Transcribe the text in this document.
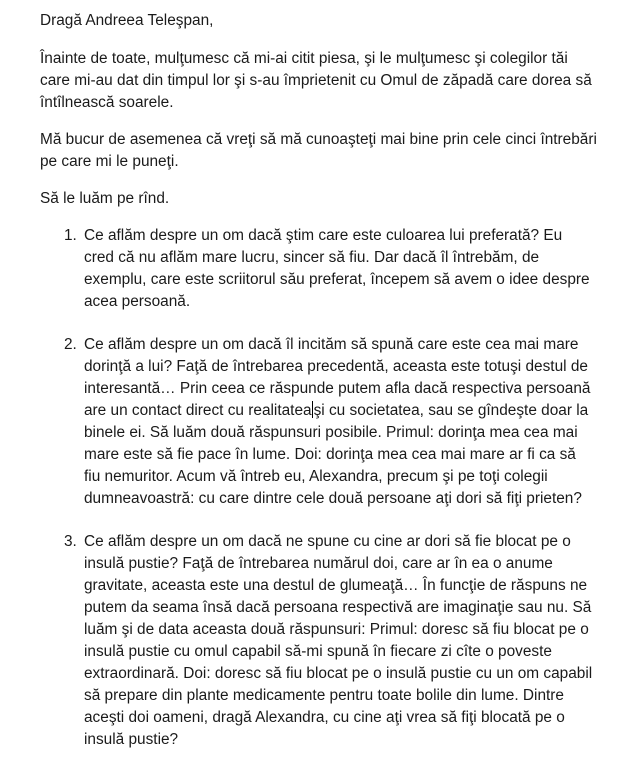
Dragă Andreea Teleşpan,

Înainte de toate, mulţumesc că mi-ai citit piesa, şi le mulţumesc şi colegilor tăi care mi-au dat din timpul lor şi s-au împrietenit cu Omul de zăpadă care dorea să întîlnească soarele.

Mă bucur de asemenea că vreţi să mă cunoaşteţi mai bine prin cele cinci întrebări pe care mi le puneţi.

Să le luăm pe rînd.

1. Ce aflăm despre un om dacă ştim care este culoarea lui preferată? Eu cred că nu aflăm mare lucru, sincer să fiu. Dar dacă îl întrebăm, de exemplu, care este scriitorul său preferat, începem să avem o idee despre acea persoană.
2. Ce aflăm despre un om dacă îl incităm să spună care este cea mai mare dorinţă a lui? Faţă de întrebarea precedentă, aceasta este totuşi destul de interesantă… Prin ceea ce răspunde putem afla dacă respectiva persoană are un contact direct cu realitatea şi cu societatea, sau se gîndeşte doar la binele ei. Să luăm două răspunsuri posibile. Primul: dorinţa mea cea mai mare este să fie pace în lume. Doi: dorinţa mea cea mai mare ar fi ca să fiu nemuritor. Acum vă întreb eu, Alexandra, precum şi pe toţi colegii dumneavoastră: cu care dintre cele două persoane aţi dori să fiţi prieten?
3. Ce aflăm despre un om dacă ne spune cu cine ar dori să fie blocat pe o insulă pustie? Faţă de întrebarea numărul doi, care ar în ea o anume gravitate, aceasta este una destul de glumeaţă… În funcţie de răspuns ne putem da seama însă dacă persoana respectivă are imaginaţie sau nu. Să luăm şi de data aceasta două răspunsuri: Primul: doresc să fiu blocat pe o insulă pustie cu omul capabil să-mi spună în fiecare zi cîte o poveste extraordinară. Doi: doresc să fiu blocat pe o insulă pustie cu un om capabil să prepare din plante medicamente pentru toate bolile din lume. Dintre aceşti doi oameni, dragă Alexandra, cu cine aţi vrea să fiţi blocată pe o insulă pustie?
